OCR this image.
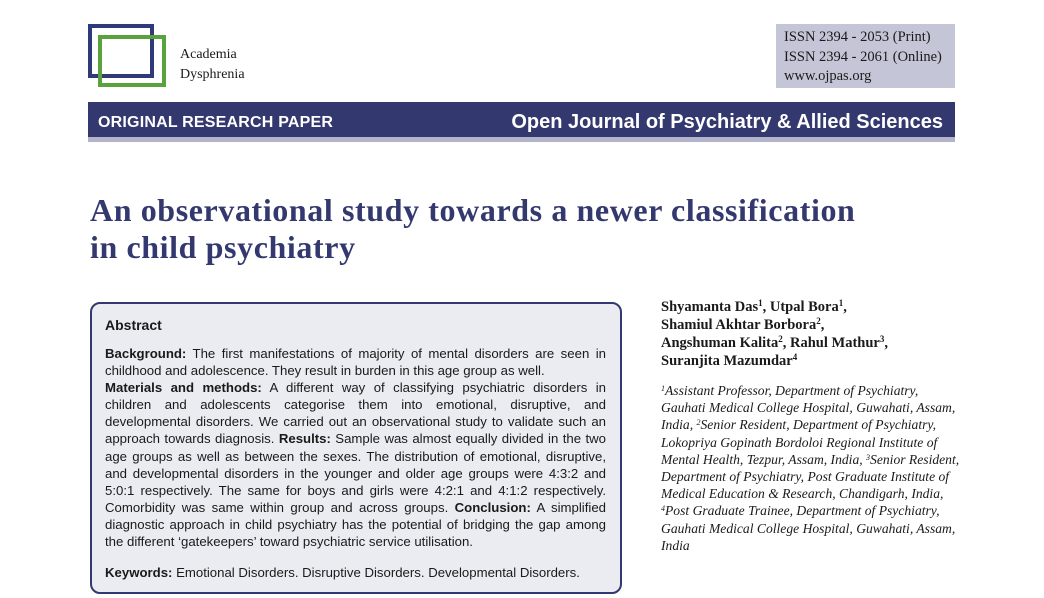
Academia
Dysphrenia
ISSN 2394 - 2053 (Print)
ISSN 2394 - 2061 (Online)
www.ojpas.org
ORIGINAL RESEARCH PAPER	Open Journal of Psychiatry & Allied Sciences
An observational study towards a newer classification
in child psychiatry
Abstract

Background: The first manifestations of majority of mental disorders are seen in childhood and adolescence. They result in burden in this age group as well.
Materials and methods: A different way of classifying psychiatric disorders in children and adolescents categorise them into emotional, disruptive, and developmental disorders. We carried out an observational study to validate such an approach towards diagnosis. Results: Sample was almost equally divided in the two age groups as well as between the sexes. The distribution of emotional, disruptive, and developmental disorders in the younger and older age groups were 4:3:2 and 5:0:1 respectively. The same for boys and girls were 4:2:1 and 4:1:2 respectively. Comorbidity was same within group and across groups. Conclusion: A simplified diagnostic approach in child psychiatry has the potential of bridging the gap among the different ‘gatekeepers’ toward psychiatric service utilisation.

Keywords: Emotional Disorders. Disruptive Disorders. Developmental Disorders.
Shyamanta Das$^1$, Utpal Bora$^1$,
Shamiul Akhtar Borbora$^2$,
Angshuman Kalita$^2$, Rahul Mathur$^3$,
Suranjita Mazumdar$^4$
$^1$Assistant Professor, Department of Psychiatry, Gauhati Medical College Hospital, Guwahati, Assam, India, $^2$Senior Resident, Department of Psychiatry, Lokopriya Gopinath Bordoloi Regional Institute of Mental Health, Tezpur, Assam, India, $^3$Senior Resident, Department of Psychiatry, Post Graduate Institute of Medical Education & Research, Chandigarh, India, $^4$Post Graduate Trainee, Department of Psychiatry, Gauhati Medical College Hospital, Guwahati, Assam, India
